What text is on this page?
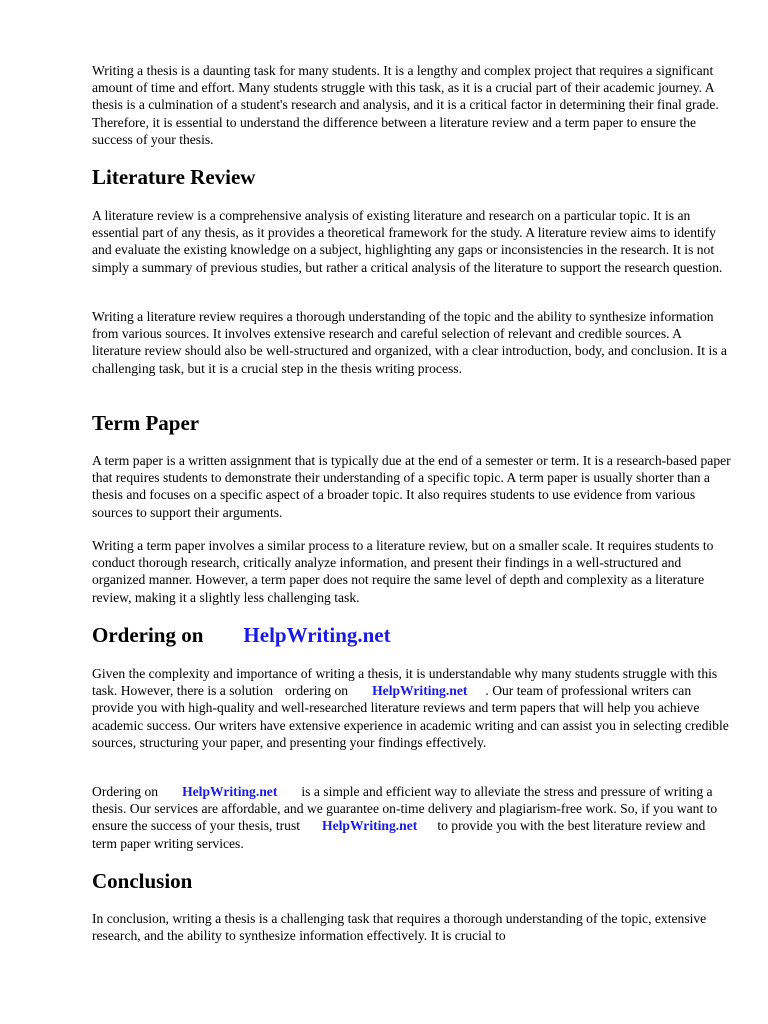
Writing a thesis is a daunting task for many students. It is a lengthy and complex project that requires a significant amount of time and effort. Many students struggle with this task, as it is a crucial part of their academic journey. A thesis is a culmination of a student's research and analysis, and it is a critical factor in determining their final grade. Therefore, it is essential to understand the difference between a literature review and a term paper to ensure the success of your thesis.

Literature Review

A literature review is a comprehensive analysis of existing literature and research on a particular topic. It is an essential part of any thesis, as it provides a theoretical framework for the study. A literature review aims to identify and evaluate the existing knowledge on a subject, highlighting any gaps or inconsistencies in the research. It is not simply a summary of previous studies, but rather a critical analysis of the literature to support the research question.

Writing a literature review requires a thorough understanding of the topic and the ability to synthesize information from various sources. It involves extensive research and careful selection of relevant and credible sources. A literature review should also be well-structured and organized, with a clear introduction, body, and conclusion. It is a challenging task, but it is a crucial step in the thesis writing process.

Term Paper

A term paper is a written assignment that is typically due at the end of a semester or term. It is a research-based paper that requires students to demonstrate their understanding of a specific topic. A term paper is usually shorter than a thesis and focuses on a specific aspect of a broader topic. It also requires students to use evidence from various sources to support their arguments.

Writing a term paper involves a similar process to a literature review, but on a smaller scale. It requires students to conduct thorough research, critically analyze information, and present their findings in a well-structured and organized manner. However, a term paper does not require the same level of depth and complexity as a literature review, making it a slightly less challenging task.

Ordering on HelpWriting.net

Given the complexity and importance of writing a thesis, it is understandable why many students struggle with this task. However, there is a solution ordering on HelpWriting.net . Our team of professional writers can provide you with high-quality and well-researched literature reviews and term papers that will help you achieve academic success. Our writers have extensive experience in academic writing and can assist you in selecting credible sources, structuring your paper, and presenting your findings effectively.

Ordering on HelpWriting.net is a simple and efficient way to alleviate the stress and pressure of writing a thesis. Our services are affordable, and we guarantee on-time delivery and plagiarism-free work. So, if you want to ensure the success of your thesis, trust HelpWriting.net to provide you with the best literature review and term paper writing services.

Conclusion

In conclusion, writing a thesis is a challenging task that requires a thorough understanding of the topic, extensive research, and the ability to synthesize information effectively. It is crucial to
